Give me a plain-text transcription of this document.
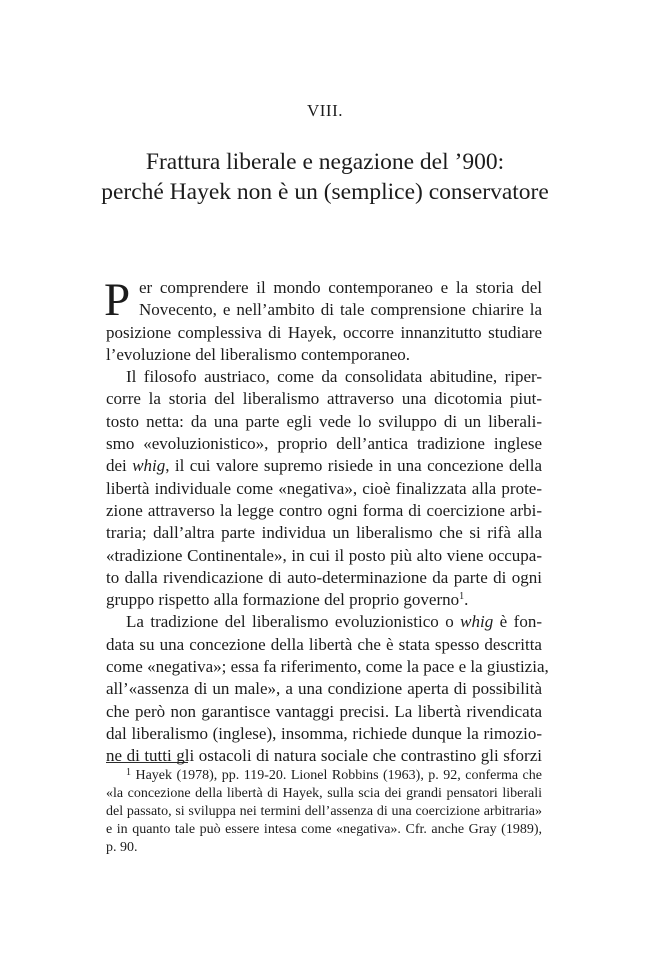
VIII.
Frattura liberale e negazione del ’900:
perché Hayek non è un (semplice) conservatore
P er comprendere il mondo contemporaneo e la storia del
Novecento, e nell’ambito di tale comprensione chiarire la
posizione complessiva di Hayek, occorre innanzitutto studiare
l’evoluzione del liberalismo contemporaneo.
Il filosofo austriaco, come da consolidata abitudine, riper-
corre la storia del liberalismo attraverso una dicotomia piut-
tosto netta: da una parte egli vede lo sviluppo di un liberali-
smo «evoluzionistico», proprio dell’antica tradizione inglese
dei whig, il cui valore supremo risiede in una concezione della
libertà individuale come «negativa», cioè finalizzata alla prote-
zione attraverso la legge contro ogni forma di coercizione arbi-
traria; dall’altra parte individua un liberalismo che si rifà alla
«tradizione Continentale», in cui il posto più alto viene occupa-
to dalla rivendicazione di auto-determinazione da parte di ogni
gruppo rispetto alla formazione del proprio governo$^1$.
La tradizione del liberalismo evoluzionistico o whig è fon-
data su una concezione della libertà che è stata spesso descritta
come «negativa»; essa fa riferimento, come la pace e la giustizia,
all’«assenza di un male», a una condizione aperta di possibilità
che però non garantisce vantaggi precisi. La libertà rivendicata
dal liberalismo (inglese), insomma, richiede dunque la rimozio-
ne di tutti gli ostacoli di natura sociale che contrastino gli sforzi
$^1$ Hayek (1978), pp. 119-20. Lionel Robbins (1963), p. 92, conferma che
«la concezione della libertà di Hayek, sulla scia dei grandi pensatori liberali
del passato, si sviluppa nei termini dell’assenza di una coercizione arbitraria»
e in quanto tale può essere intesa come «negativa». Cfr. anche Gray (1989),
p. 90.
